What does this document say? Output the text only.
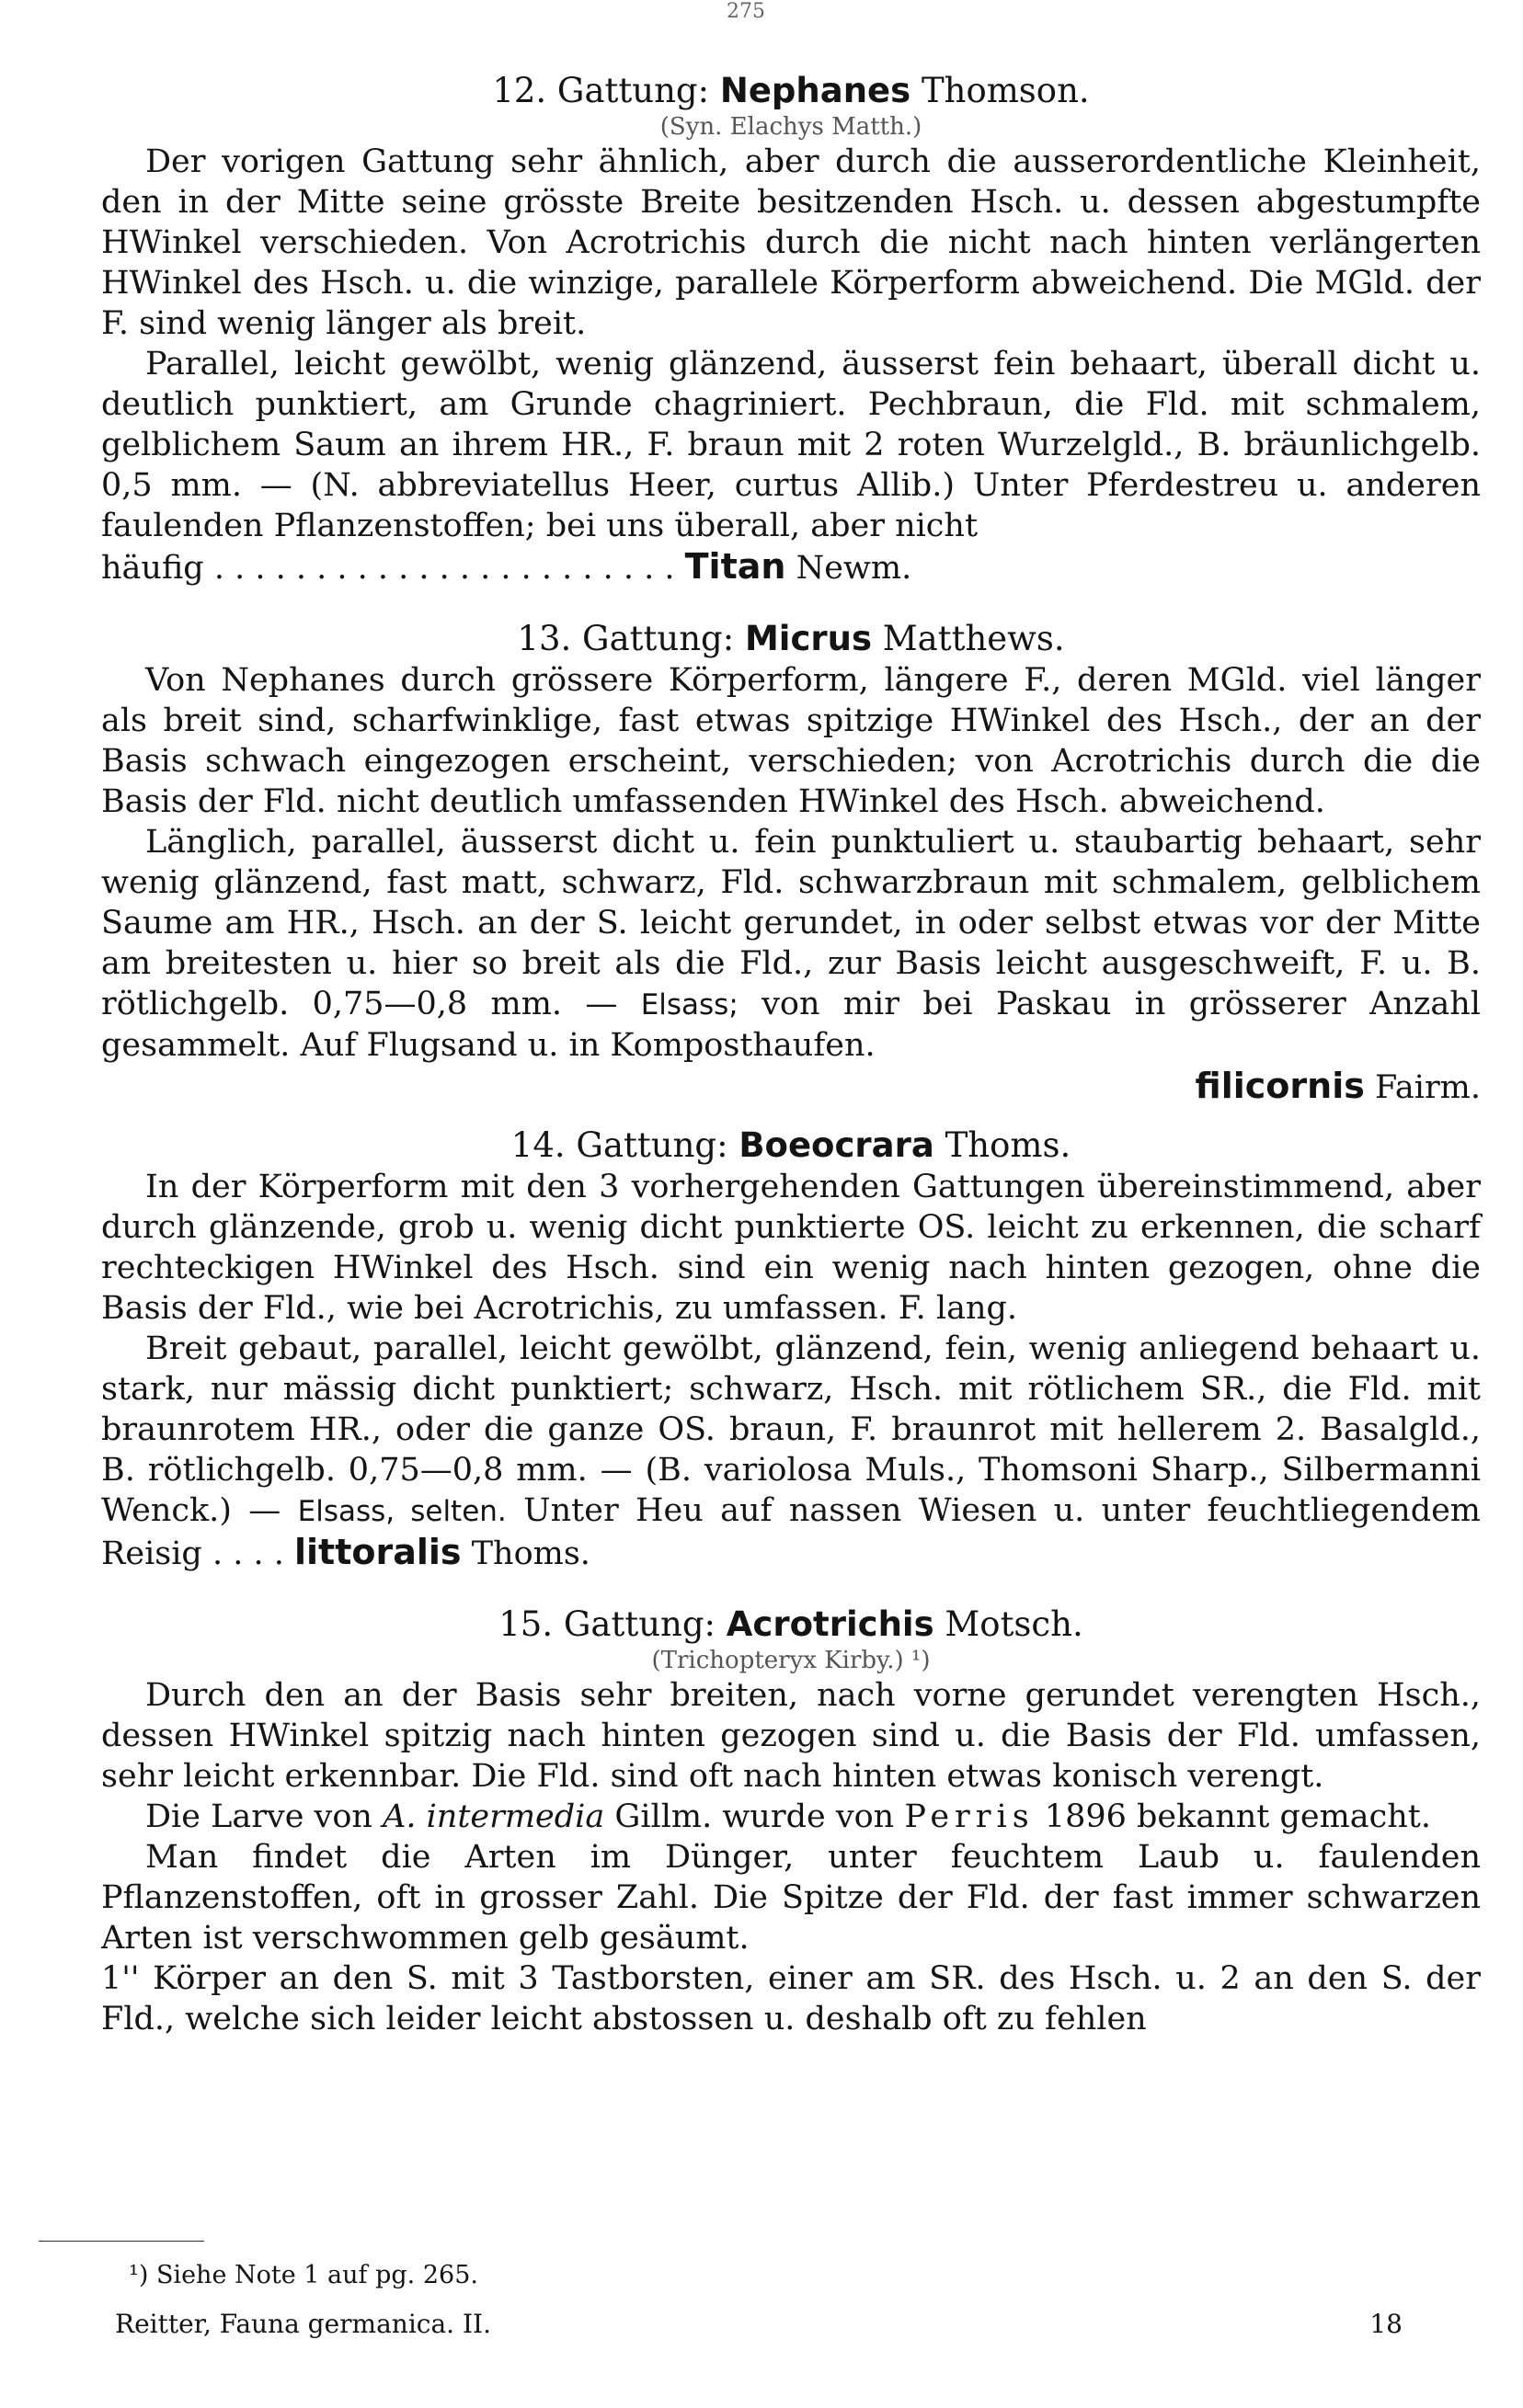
275

12. Gattung: Nephanes Thomson.

(Syn. Elachys Matth.)

Der vorigen Gattung sehr ähnlich, aber durch die ausserordentliche Kleinheit, den in der Mitte seine grösste Breite besitzenden Hsch. u. dessen abgestumpfte HWinkel verschieden. Von Acrotrichis durch die nicht nach hinten verlängerten HWinkel des Hsch. u. die winzige, parallele Körperform abweichend. Die MGld. der F. sind wenig länger als breit.

Parallel, leicht gewölbt, wenig glänzend, äusserst fein behaart, überall dicht u. deutlich punktiert, am Grunde chagriniert. Pechbraun, die Fld. mit schmalem, gelblichem Saum an ihrem HR., F. braun mit 2 roten Wurzelgld., B. bräunlichgelb. 0,5 mm. — (N. abbreviatellus Heer, curtus Allib.) Unter Pferdestreu u. anderen faulenden Pflanzenstoffen; bei uns überall, aber nicht

häufig . . . . . . . . . . . . . . . . . . . . . . . Titan Newm.

13. Gattung: Micrus Matthews.

Von Nephanes durch grössere Körperform, längere F., deren MGld. viel länger als breit sind, scharfwinklige, fast etwas spitzige HWinkel des Hsch., der an der Basis schwach eingezogen erscheint, verschieden; von Acrotrichis durch die die Basis der Fld. nicht deutlich umfassenden HWinkel des Hsch. abweichend.

Länglich, parallel, äusserst dicht u. fein punktuliert u. staubartig behaart, sehr wenig glänzend, fast matt, schwarz, Fld. schwarzbraun mit schmalem, gelblichem Saume am HR., Hsch. an der S. leicht gerundet, in oder selbst etwas vor der Mitte am breitesten u. hier so breit als die Fld., zur Basis leicht ausgeschweift, F. u. B. rötlichgelb. 0,75—0,8 mm. — Elsass; von mir bei Paskau in grösserer Anzahl gesammelt. Auf Flugsand u. in Komposthaufen.

filicornis Fairm.

14. Gattung: Boeocrara Thoms.

In der Körperform mit den 3 vorhergehenden Gattungen übereinstimmend, aber durch glänzende, grob u. wenig dicht punktierte OS. leicht zu erkennen, die scharf rechteckigen HWinkel des Hsch. sind ein wenig nach hinten gezogen, ohne die Basis der Fld., wie bei Acrotrichis, zu umfassen. F. lang.

Breit gebaut, parallel, leicht gewölbt, glänzend, fein, wenig anliegend behaart u. stark, nur mässig dicht punktiert; schwarz, Hsch. mit rötlichem SR., die Fld. mit braunrotem HR., oder die ganze OS. braun, F. braunrot mit hellerem 2. Basalgld., B. rötlichgelb. 0,75—0,8 mm. — (B. variolosa Muls., Thomsoni Sharp., Silbermanni Wenck.) — Elsass, selten. Unter Heu auf nassen Wiesen u. unter feuchtliegendem Reisig . . . . littoralis Thoms.

15. Gattung: Acrotrichis Motsch.

(Trichopteryx Kirby.) ¹)

Durch den an der Basis sehr breiten, nach vorne gerundet verengten Hsch., dessen HWinkel spitzig nach hinten gezogen sind u. die Basis der Fld. umfassen, sehr leicht erkennbar. Die Fld. sind oft nach hinten etwas konisch verengt.

Die Larve von A. intermedia Gillm. wurde von Perris 1896 bekannt gemacht.

Man findet die Arten im Dünger, unter feuchtem Laub u. faulenden Pflanzenstoffen, oft in grosser Zahl. Die Spitze der Fld. der fast immer schwarzen Arten ist verschwommen gelb gesäumt.

1'' Körper an den S. mit 3 Tastborsten, einer am SR. des Hsch. u. 2 an den S. der Fld., welche sich leider leicht abstossen u. deshalb oft zu fehlen

¹) Siehe Note 1 auf pg. 265.
Reitter, Fauna germanica. II.	18
